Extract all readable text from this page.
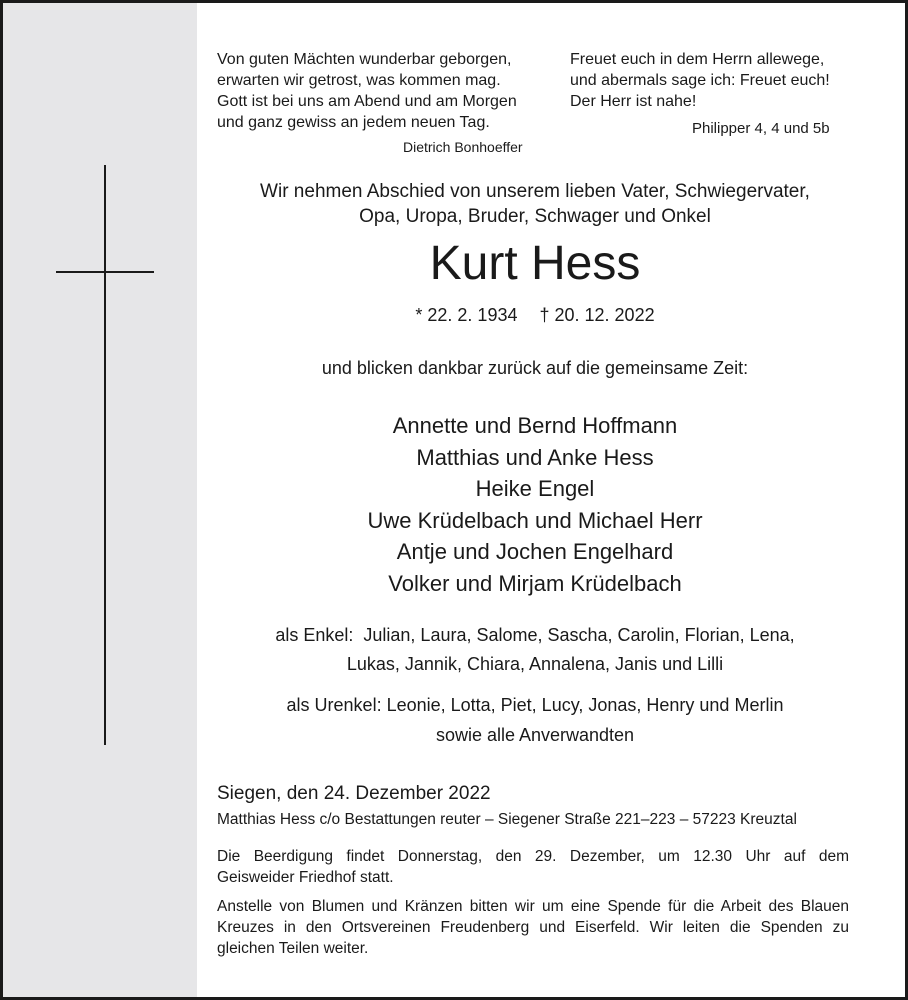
Von guten Mächten wunderbar geborgen,
erwarten wir getrost, was kommen mag.
Gott ist bei uns am Abend und am Morgen
und ganz gewiss an jedem neuen Tag.
Dietrich Bonhoeffer
Freuet euch in dem Herrn allewege,
und abermals sage ich: Freuet euch!
Der Herr ist nahe!
Philipper 4, 4 und 5b
Wir nehmen Abschied von unserem lieben Vater, Schwiegervater,
Opa, Uropa, Bruder, Schwager und Onkel
Kurt Hess
* 22. 2. 1934 † 20. 12. 2022
und blicken dankbar zurück auf die gemeinsame Zeit:
Annette und Bernd Hoffmann
Matthias und Anke Hess
Heike Engel
Uwe Krüdelbach und Michael Herr
Antje und Jochen Engelhard
Volker und Mirjam Krüdelbach
als Enkel:  Julian, Laura, Salome, Sascha, Carolin, Florian, Lena,
Lukas, Jannik, Chiara, Annalena, Janis und Lilli
als Urenkel: Leonie, Lotta, Piet, Lucy, Jonas, Henry und Merlin
sowie alle Anverwandten
Siegen, den 24. Dezember 2022
Matthias Hess c/o Bestattungen reuter – Siegener Straße 221–223 – 57223 Kreuztal
Die Beerdigung findet Donnerstag, den 29. Dezember, um 12.30 Uhr auf dem
Geisweider Friedhof statt.
Anstelle von Blumen und Kränzen bitten wir um eine Spende für die Arbeit des Blauen
Kreuzes in den Ortsvereinen Freudenberg und Eiserfeld. Wir leiten die Spenden zu
gleichen Teilen weiter.
